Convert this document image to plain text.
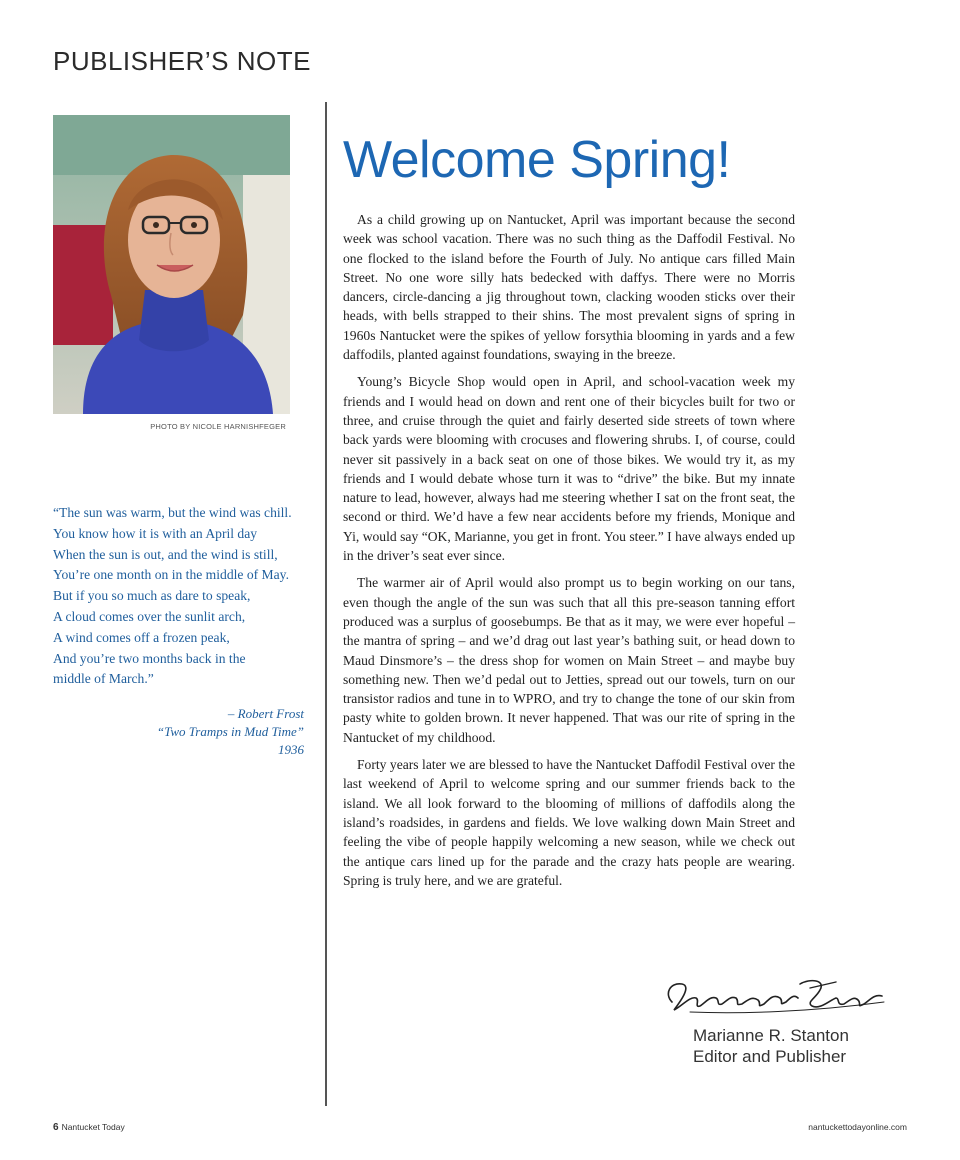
PUBLISHER’S NOTE
PHOTO BY NICOLE HARNISHFEGER

“The sun was warm, but the wind was chill.

You know how it is with an April day

When the sun is out, and the wind is still,

You’re one month on in the middle of May.

But if you so much as dare to speak,

A cloud comes over the sunlit arch,

A wind comes off a frozen peak,

And you’re two months back in the

middle of March.”

– Robert Frost
“Two Tramps in Mud Time”
1936
Welcome Spring!

As a child growing up on Nantucket, April was important because the second week was school vacation. There was no such thing as the Daffodil Festival. No one flocked to the island before the Fourth of July. No antique cars filled Main Street. No one wore silly hats bedecked with daffys. There were no Morris dancers, circle-dancing a jig throughout town, clacking wooden sticks over their heads, with bells strapped to their shins. The most prevalent signs of spring in 1960s Nantucket were the spikes of yellow forsythia blooming in yards and a few daffodils, planted against foundations, swaying in the breeze.

Young’s Bicycle Shop would open in April, and school-vacation week my friends and I would head on down and rent one of their bicycles built for two or three, and cruise through the quiet and fairly deserted side streets of town where back yards were blooming with crocuses and flowering shrubs. I, of course, could never sit passively in a back seat on one of those bikes. We would try it, as my friends and I would debate whose turn it was to “drive” the bike. But my innate nature to lead, however, always had me steering whether I sat on the front seat, the second or third. We’d have a few near accidents before my friends, Monique and Yi, would say “OK, Marianne, you get in front. You steer.” I have always ended up in the driver’s seat ever since.

The warmer air of April would also prompt us to begin working on our tans, even though the angle of the sun was such that all this pre-season tanning effort produced was a surplus of goosebumps. Be that as it may, we were ever hopeful – the mantra of spring – and we’d drag out last year’s bathing suit, or head down to Maud Dinsmore’s – the dress shop for women on Main Street – and maybe buy something new. Then we’d pedal out to Jetties, spread out our towels, turn on our transistor radios and tune in to WPRO, and try to change the tone of our skin from pasty white to golden brown. It never happened. That was our rite of spring in the Nantucket of my childhood.

Forty years later we are blessed to have the Nantucket Daffodil Festival over the last weekend of April to welcome spring and our summer friends back to the island. We all look forward to the blooming of millions of daffodils along the island’s roadsides, in gardens and fields. We love walking down Main Street and feeling the vibe of people happily welcoming a new season, while we check out the antique cars lined up for the parade and the crazy hats people are wearing. Spring is truly here, and we are grateful.

Marianne R. Stanton
Editor and Publisher
6 Nantucket Today	nantuckettodayonline.com
